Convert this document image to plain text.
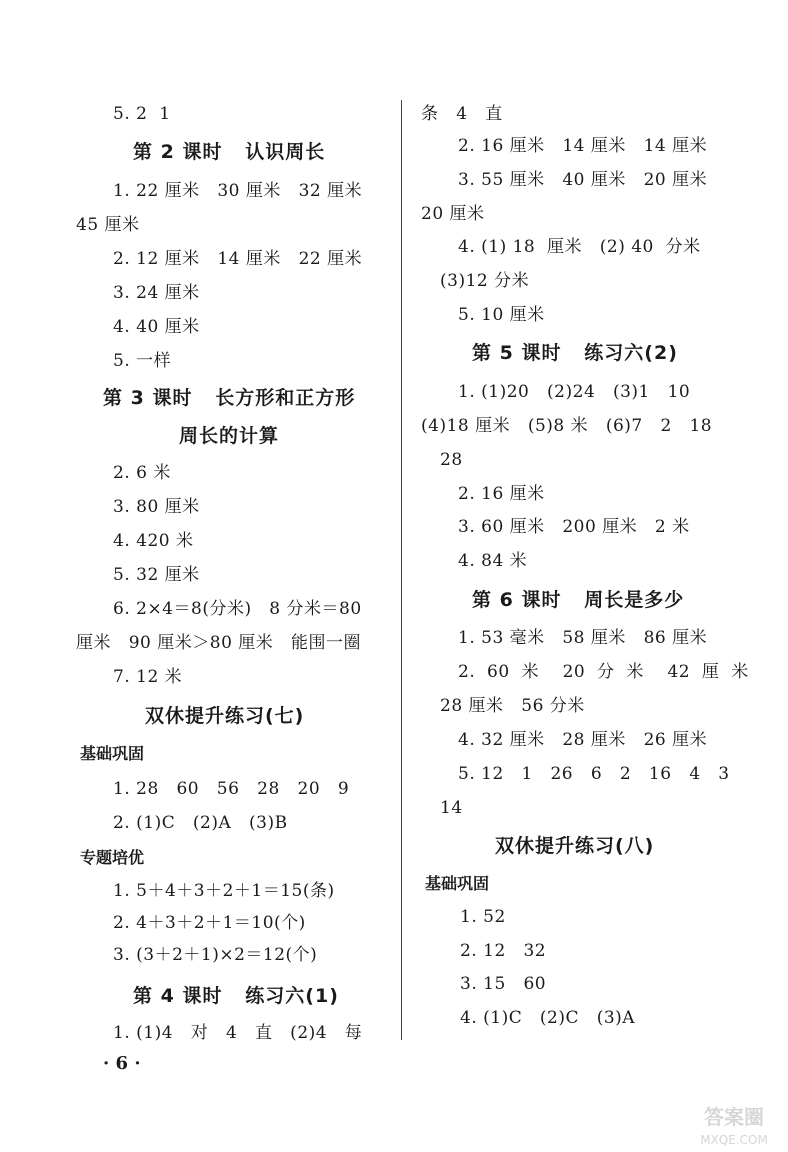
5. 2  1
第 2 课时   认识周长
1. 22 厘米   30 厘米   32 厘米
45 厘米
2. 12 厘米   14 厘米   22 厘米
3. 24 厘米
4. 40 厘米
5. 一样
第 3 课时   长方形和正方形
周长的计算
2. 6 米
3. 80 厘米
4. 420 米
5. 32 厘米
6. 2×4＝8(分米)   8 分米＝80
厘米   90 厘米＞80 厘米   能围一圈
7. 12 米
双休提升练习(七)
基础巩固
1. 28   60   56   28   20   9
2. (1)C   (2)A   (3)B
专题培优
1. 5＋4＋3＋2＋1＝15(条)
2. 4＋3＋2＋1＝10(个)
3. (3＋2＋1)×2＝12(个)
第 4 课时   练习六(1)
1. (1)4   对   4   直   (2)4   每
条   4   直
2. 16 厘米   14 厘米   14 厘米
3. 55 厘米   40 厘米   20 厘米
20 厘米
4. (1) 18  厘米   (2) 40  分米
(3)12 分米
5. 10 厘米
第 5 课时   练习六(2)
1. (1)20   (2)24   (3)1   10
(4)18 厘米   (5)8 米   (6)7   2   18
28
2. 16 厘米
3. 60 厘米   200 厘米   2 米
4. 84 米
第 6 课时   周长是多少
1. 53 毫米   58 厘米   86 厘米
2.  60  米    20  分  米    42  厘  米
28 厘米   56 分米
4. 32 厘米   28 厘米   26 厘米
5. 12   1   26   6   2   16   4   3
14
双休提升练习(八)
基础巩固
1. 52
2. 12   32
3. 15   60
4. (1)C   (2)C   (3)A
· 6 ·
答案圈
MXQE.COM
